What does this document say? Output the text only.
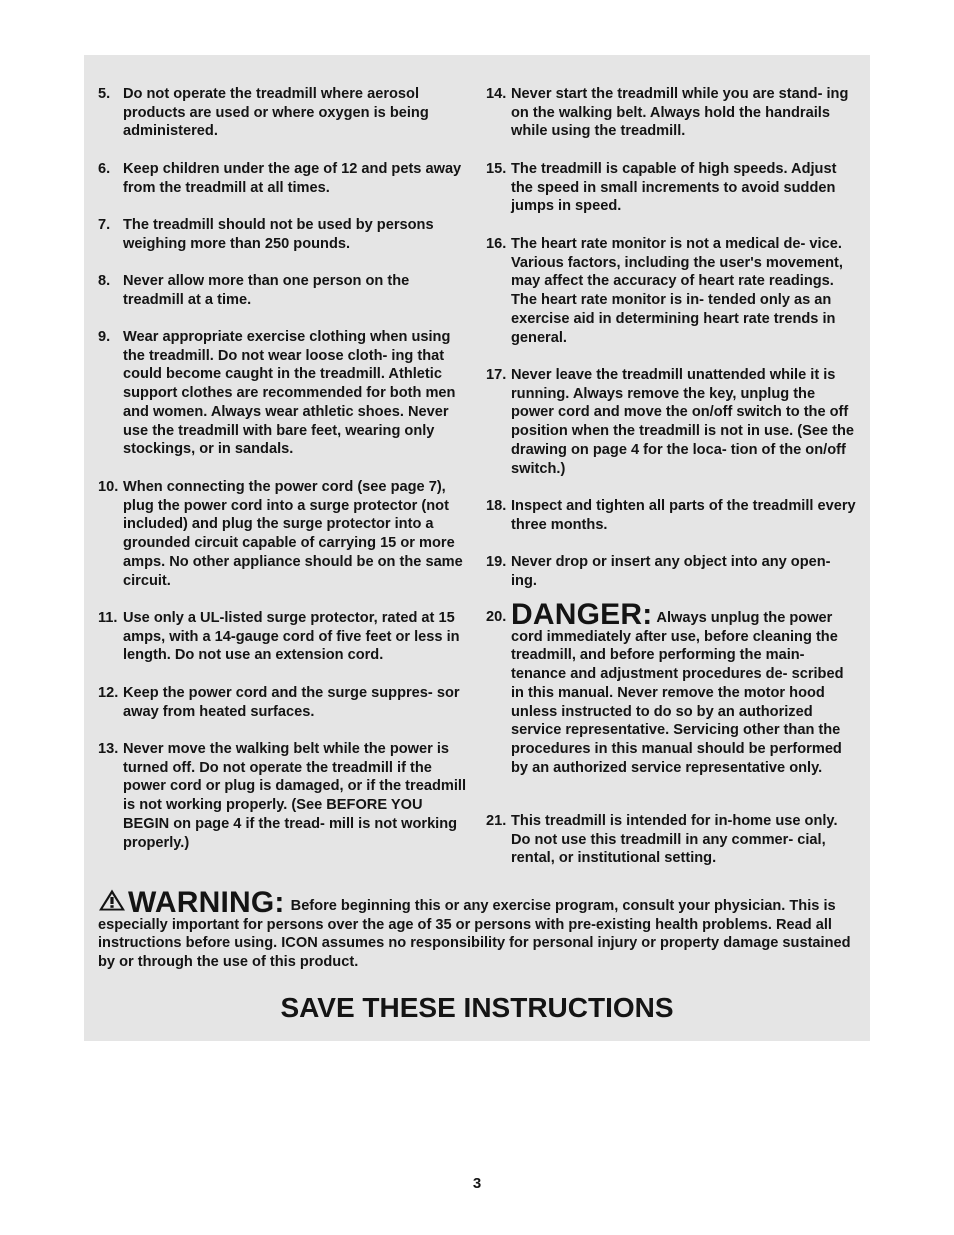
5. Do not operate the treadmill where aerosol products are used or where oxygen is being administered.
6. Keep children under the age of 12 and pets away from the treadmill at all times.
7. The treadmill should not be used by persons weighing more than 250 pounds.
8. Never allow more than one person on the treadmill at a time.
9. Wear appropriate exercise clothing when using the treadmill. Do not wear loose cloth- ing that could become caught in the treadmill. Athletic support clothes are recommended for both men and women. Always wear athletic shoes. Never use the treadmill with bare feet, wearing only stockings, or in sandals.
10. When connecting the power cord (see page 7), plug the power cord into a surge protector (not included) and plug the surge protector into a grounded circuit capable of carrying 15 or more amps. No other appliance should be on the same circuit.
11. Use only a UL-listed surge protector, rated at 15 amps, with a 14-gauge cord of five feet or less in length. Do not use an extension cord.
12. Keep the power cord and the surge suppres- sor away from heated surfaces.
13. Never move the walking belt while the power is turned off. Do not operate the treadmill if the power cord or plug is damaged, or if the treadmill is not working properly. (See BEFORE YOU BEGIN on page 4 if the tread- mill is not working properly.)
14. Never start the treadmill while you are stand- ing on the walking belt. Always hold the handrails while using the treadmill.
15. The treadmill is capable of high speeds. Adjust the speed in small increments to avoid sudden jumps in speed.
16. The heart rate monitor is not a medical de- vice. Various factors, including the user's movement, may affect the accuracy of heart rate readings. The heart rate monitor is in- tended only as an exercise aid in determining heart rate trends in general.
17. Never leave the treadmill unattended while it is running. Always remove the key, unplug the power cord and move the on/off switch to the off position when the treadmill is not in use. (See the drawing on page 4 for the loca- tion of the on/off switch.)
18. Inspect and tighten all parts of the treadmill every three months.
19. Never drop or insert any object into any open- ing.
20. DANGER: Always unplug the power cord immediately after use, before cleaning the treadmill, and before performing the main- tenance and adjustment procedures de- scribed in this manual. Never remove the motor hood unless instructed to do so by an authorized service representative. Servicing other than the procedures in this manual should be performed by an authorized service representative only.
21. This treadmill is intended for in-home use only. Do not use this treadmill in any commer- cial, rental, or institutional setting.
WARNING: Before beginning this or any exercise program, consult your physician. This is especially important for persons over the age of 35 or persons with pre-existing health problems. Read all instructions before using. ICON assumes no responsibility for personal injury or property damage sustained by or through the use of this product.
SAVE THESE INSTRUCTIONS
3
